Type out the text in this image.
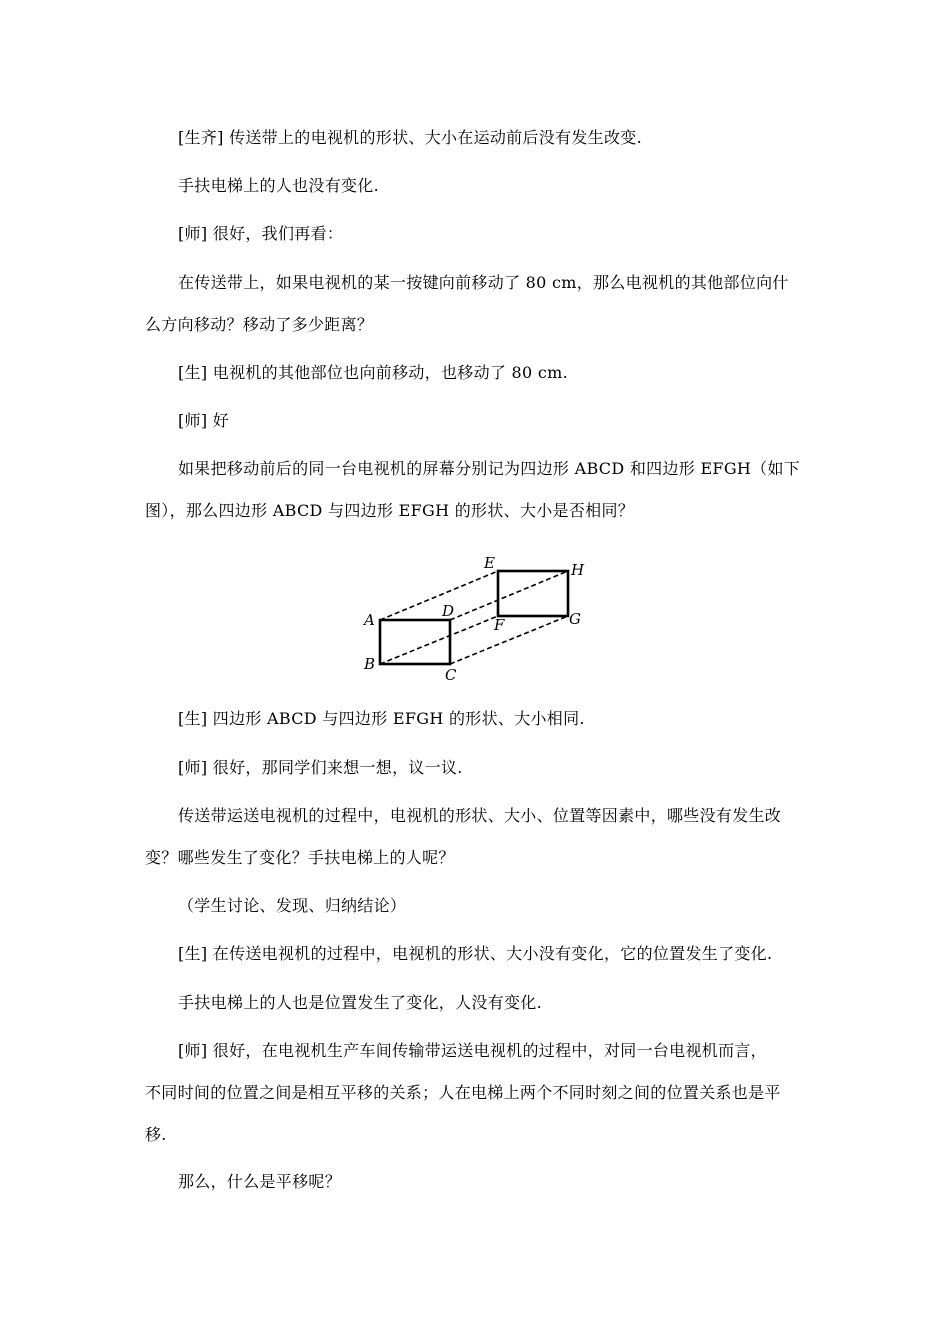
[生齐] 传送带上的电视机的形状、大小在运动前后没有发生改变.
手扶电梯上的人也没有变化.
[师] 很好，我们再看：
在传送带上，如果电视机的某一按键向前移动了 80 cm，那么电视机的其他部位向什
么方向移动？移动了多少距离？
[生] 电视机的其他部位也向前移动，也移动了 80 cm.
[师] 好
如果把移动前后的同一台电视机的屏幕分别记为四边形 ABCD 和四边形 EFGH（如下
图），那么四边形 ABCD 与四边形 EFGH 的形状、大小是否相同？
A
B
C
D
E
F	G
H
[生] 四边形 ABCD 与四边形 EFGH 的形状、大小相同.
[师] 很好，那同学们来想一想，议一议.
传送带运送电视机的过程中，电视机的形状、大小、位置等因素中，哪些没有发生改
变？哪些发生了变化？手扶电梯上的人呢？
（学生讨论、发现、归纳结论）
[生] 在传送电视机的过程中，电视机的形状、大小没有变化，它的位置发生了变化.
手扶电梯上的人也是位置发生了变化，人没有变化.
[师] 很好，在电视机生产车间传输带运送电视机的过程中，对同一台电视机而言，
不同时间的位置之间是相互平移的关系；人在电梯上两个不同时刻之间的位置关系也是平
移.
那么，什么是平移呢？
